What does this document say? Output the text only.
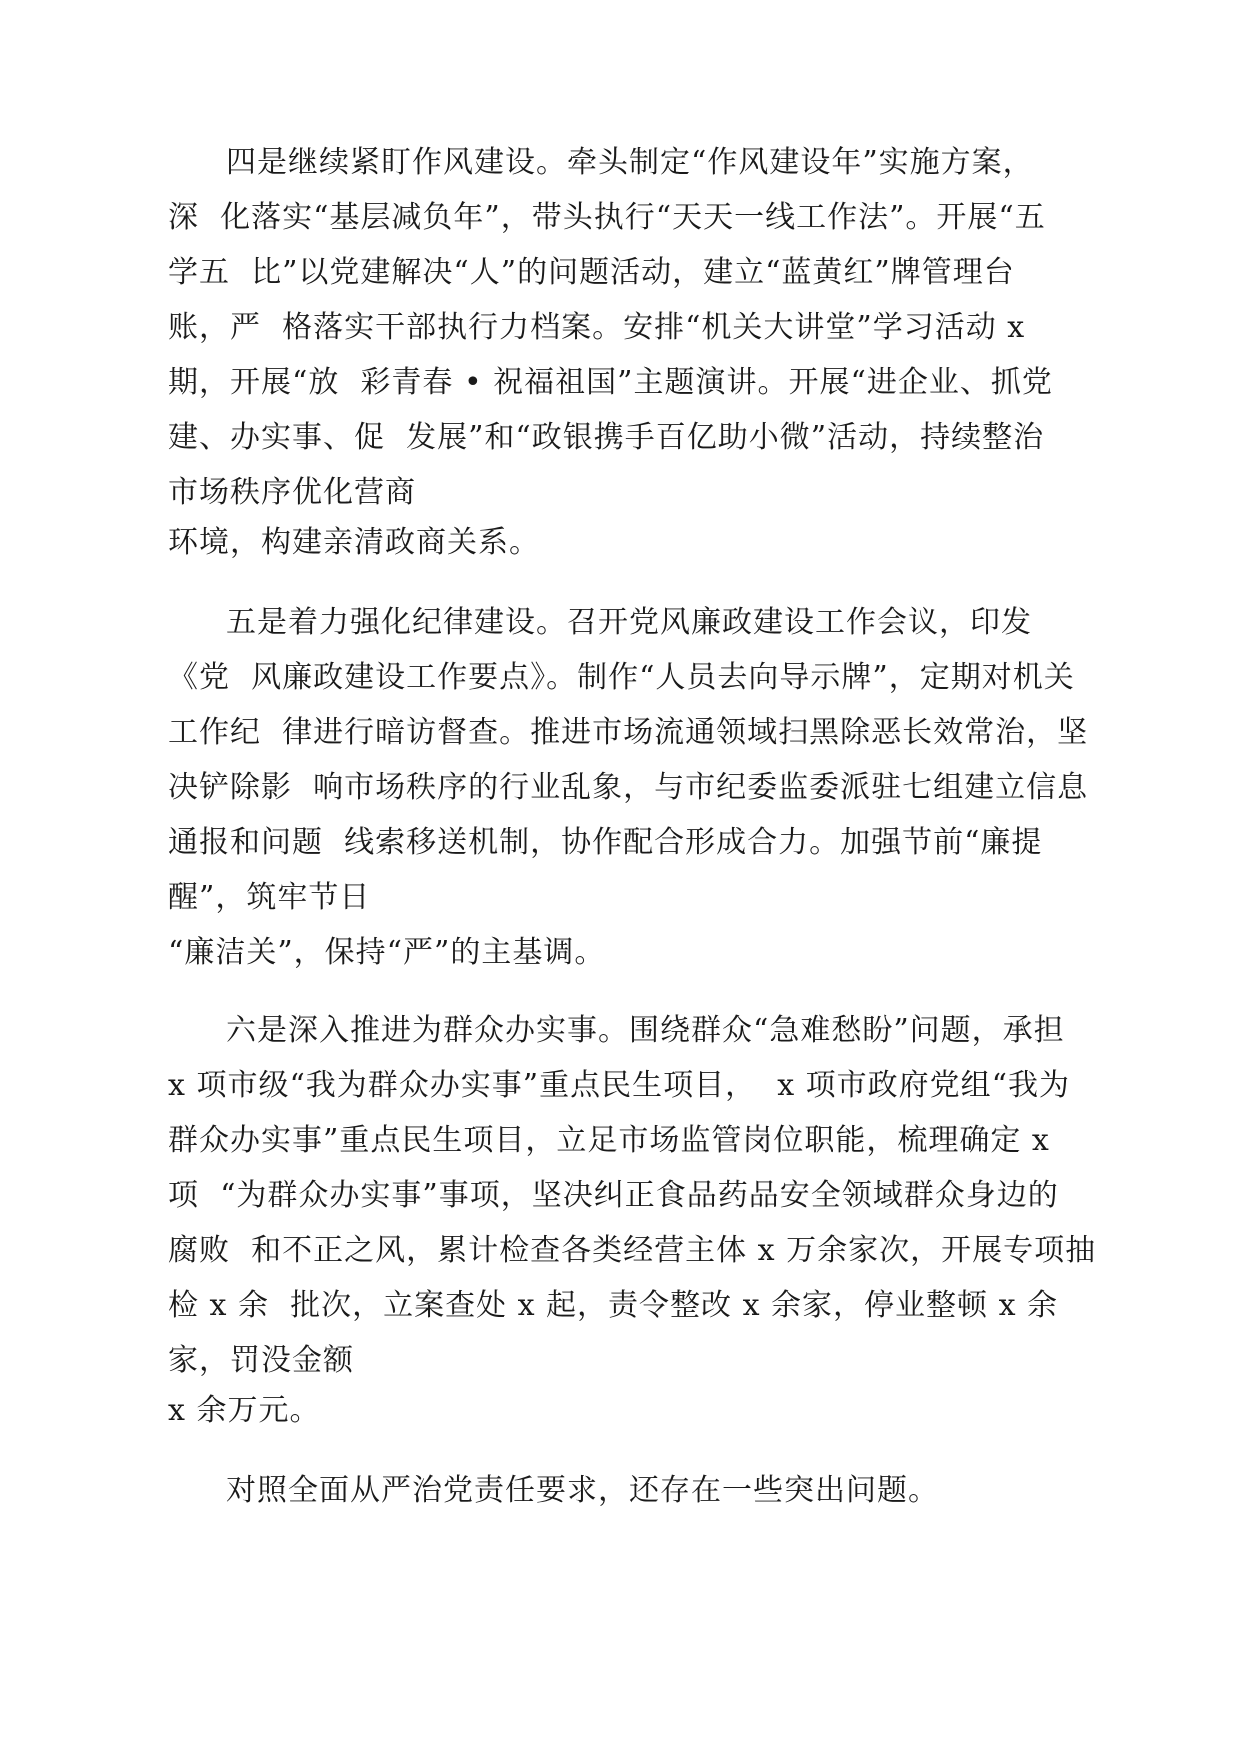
四是继续紧盯作风建设。牵头制定“作风建设年”实施方案，
深  化落实“基层减负年”，带头执行“天天一线工作法”。开展“五
学五  比”以党建解决“人”的问题活动，建立“蓝黄红”牌管理台
账，严  格落实干部执行力档案。安排“机关大讲堂”学习活动 x
期，开展“放  彩青春 • 祝福祖国”主题演讲。开展“进企业、抓党
建、办实事、促  发展”和“政银携手百亿助小微”活动，持续整治
市场秩序优化营商
环境，构建亲清政商关系。
五是着力强化纪律建设。召开党风廉政建设工作会议，印发
《党  风廉政建设工作要点》。制作“人员去向导示牌”，定期对机关
工作纪  律进行暗访督查。推进市场流通领域扫黑除恶长效常治，坚
决铲除影  响市场秩序的行业乱象，与市纪委监委派驻七组建立信息
通报和问题  线索移送机制，协作配合形成合力。加强节前“廉提
醒”，筑牢节日
“廉洁关”，保持“严”的主基调。
六是深入推进为群众办实事。围绕群众“急难愁盼”问题，承担
x 项市级“我为群众办实事”重点民生项目，  x 项市政府党组“我为
群众办实事”重点民生项目，立足市场监管岗位职能，梳理确定 x
项  “为群众办实事”事项，坚决纠正食品药品安全领域群众身边的
腐败  和不正之风，累计检查各类经营主体 x 万余家次，开展专项抽
检 x 余  批次，立案查处 x 起，责令整改 x 余家，停业整顿 x 余
家，罚没金额
x 余万元。
对照全面从严治党责任要求，还存在一些突出问题。
